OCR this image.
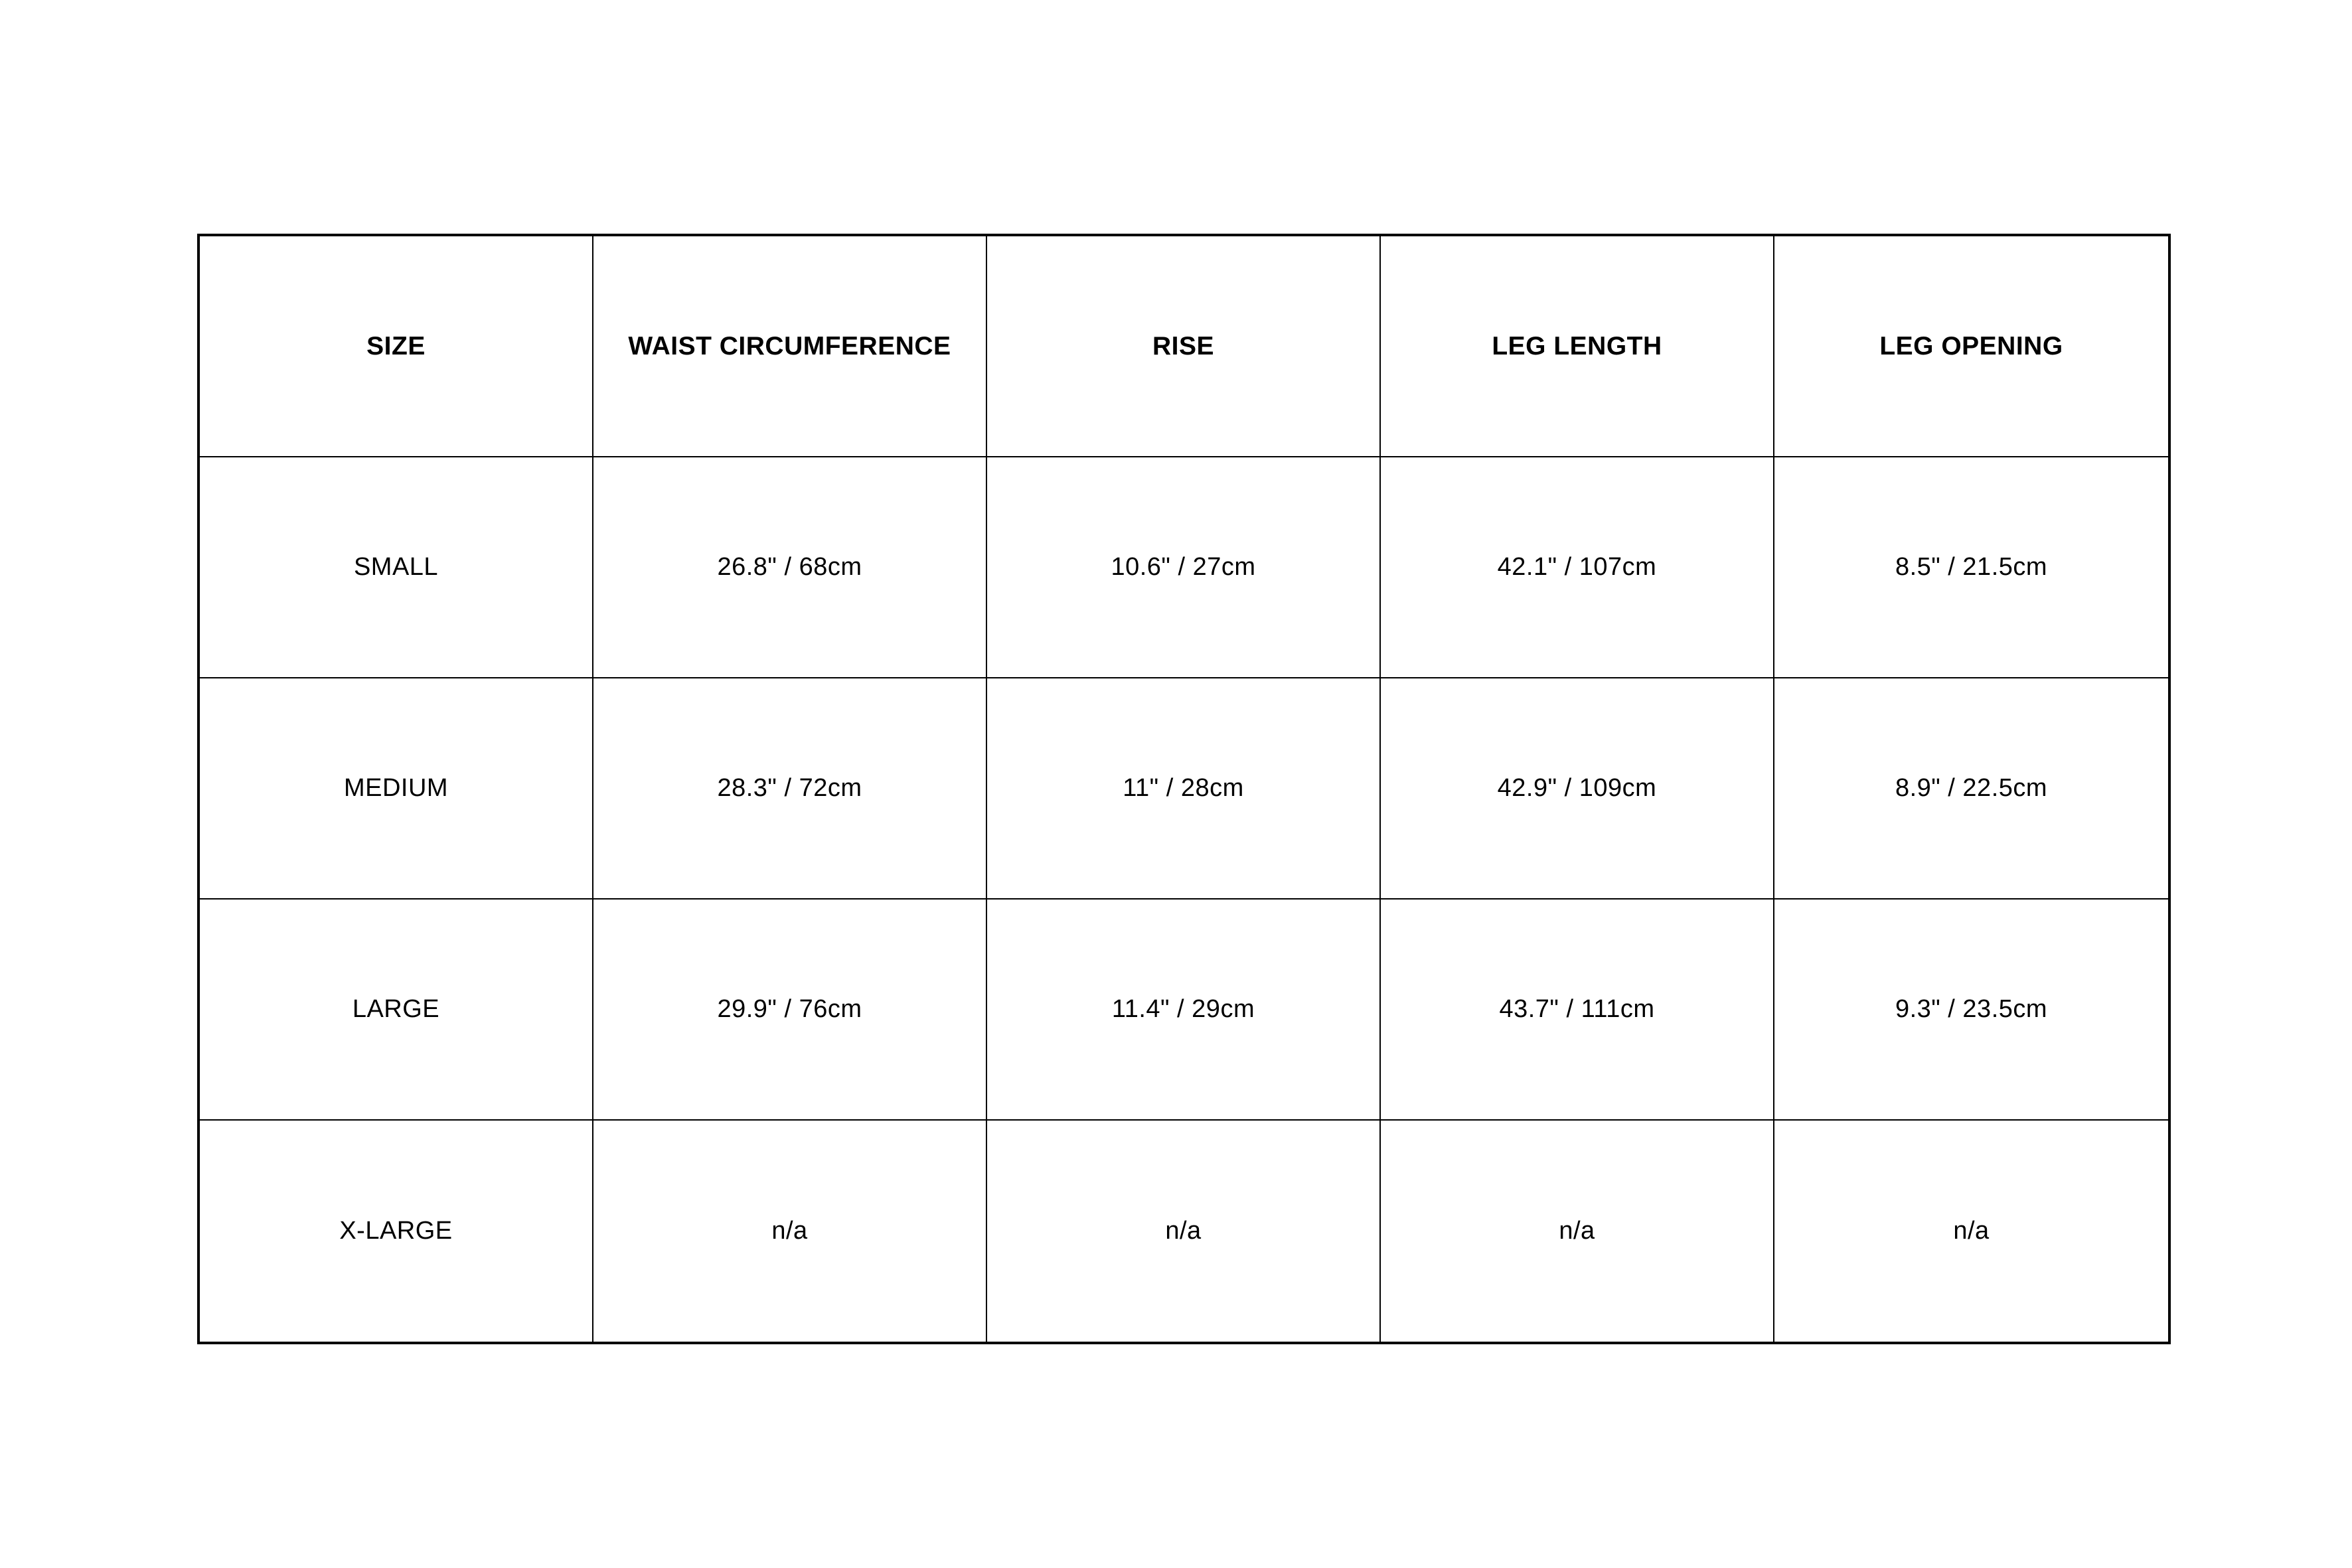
SIZE	WAIST CIRCUMFERENCE	RISE	LEG LENGTH	LEG OPENING
SMALL	26.8" / 68cm	10.6" / 27cm	42.1" / 107cm	8.5" / 21.5cm
MEDIUM	28.3" / 72cm	11" / 28cm	42.9" / 109cm	8.9" / 22.5cm
LARGE	29.9" / 76cm	11.4" / 29cm	43.7" / 111cm	9.3" / 23.5cm
X-LARGE	n/a	n/a	n/a	n/a
